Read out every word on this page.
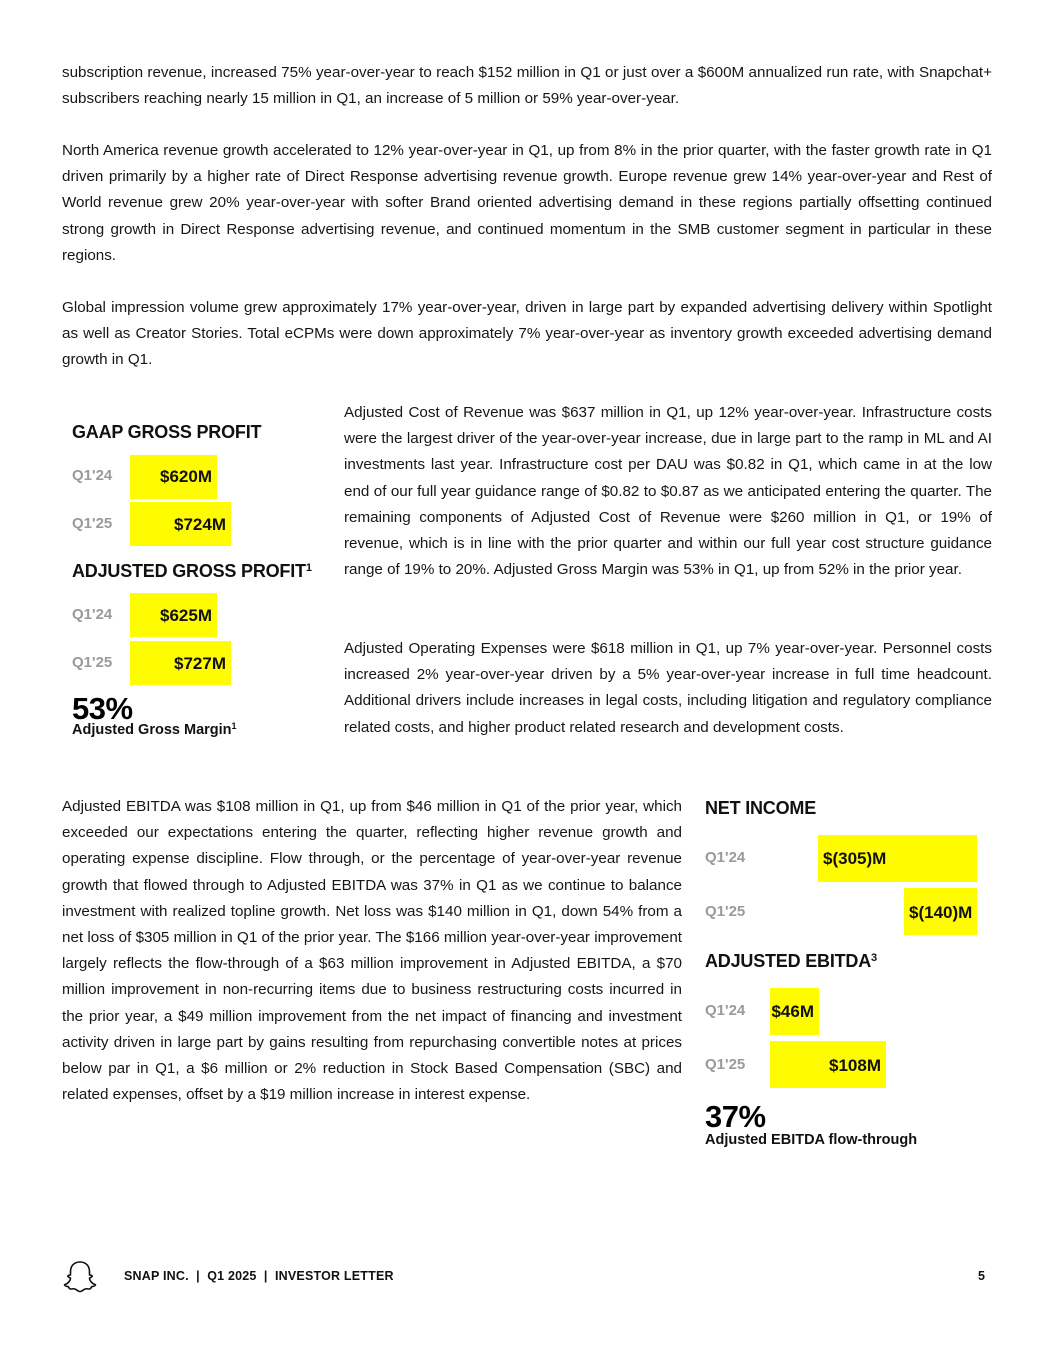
subscription revenue, increased 75% year-over-year to reach $152 million in Q1 or just over a $600M annualized run rate, with Snapchat+ subscribers reaching nearly 15 million in Q1, an increase of 5 million or 59% year-over-year.

North America revenue growth accelerated to 12% year-over-year in Q1, up from 8% in the prior quarter, with the faster growth rate in Q1 driven primarily by a higher rate of Direct Response advertising revenue growth. Europe revenue grew 14% year-over-year and Rest of World revenue grew 20% year-over-year with softer Brand oriented advertising demand in these regions partially offsetting continued strong growth in Direct Response advertising revenue, and continued momentum in the SMB customer segment in particular in these regions.

Global impression volume grew approximately 17% year-over-year, driven in large part by expanded advertising delivery within Spotlight as well as Creator Stories. Total eCPMs were down approximately 7% year-over-year as inventory growth exceeded advertising demand growth in Q1.

Adjusted Cost of Revenue was $637 million in Q1, up 12% year-over-year. Infrastructure costs were the largest driver of the year-over-year increase, due in large part to the ramp in ML and AI investments last year. Infrastructure cost per DAU was $0.82 in Q1, which came in at the low end of our full year guidance range of $0.82 to $0.87 as we anticipated entering the quarter. The remaining components of Adjusted Cost of Revenue were $260 million in Q1, or 19% of revenue, which is in line with the prior quarter and within our full year cost structure guidance range of 19% to 20%. Adjusted Gross Margin was 53% in Q1, up from 52% in the prior year.

Adjusted Operating Expenses were $618 million in Q1, up 7% year-over-year. Personnel costs increased 2% year-over-year driven by a 5% year-over-year increase in full time headcount. Additional drivers include increases in legal costs, including litigation and regulatory compliance related costs, and higher product related research and development costs.

Adjusted EBITDA was $108 million in Q1, up from $46 million in Q1 of the prior year, which exceeded our expectations entering the quarter, reflecting higher revenue growth and operating expense discipline. Flow through, or the percentage of year-over-year revenue growth that flowed through to Adjusted EBITDA was 37% in Q1 as we continue to balance investment with realized topline growth. Net loss was $140 million in Q1, down 54% from a net loss of $305 million in Q1 of the prior year. The $166 million year-over-year improvement largely reflects the flow-through of a $63 million improvement in Adjusted EBITDA, a $70 million improvement in non-recurring items due to business restructuring costs incurred in the prior year, a $49 million improvement from the net impact of financing and investment activity driven in large part by gains resulting from repurchasing convertible notes at prices below par in Q1, a $6 million or 2% reduction in Stock Based Compensation (SBC) and related expenses, offset by a $19 million increase in interest expense.

GAAP GROSS PROFIT
Q1'24	$620M
Q1'25	$724M
ADJUSTED GROSS PROFIT$^1$
Q1'24	$625M
Q1'25	$727M
53%
Adjusted Gross Margin$^1$
NET INCOME
Q1'24	$(305)M
Q1'25	$(140)M
ADJUSTED EBITDA$^3$
Q1'24 $46M
Q1'25	$108M
37%
Adjusted EBITDA flow-through
SNAP INC. | Q1 2025 | INVESTOR LETTER	5
